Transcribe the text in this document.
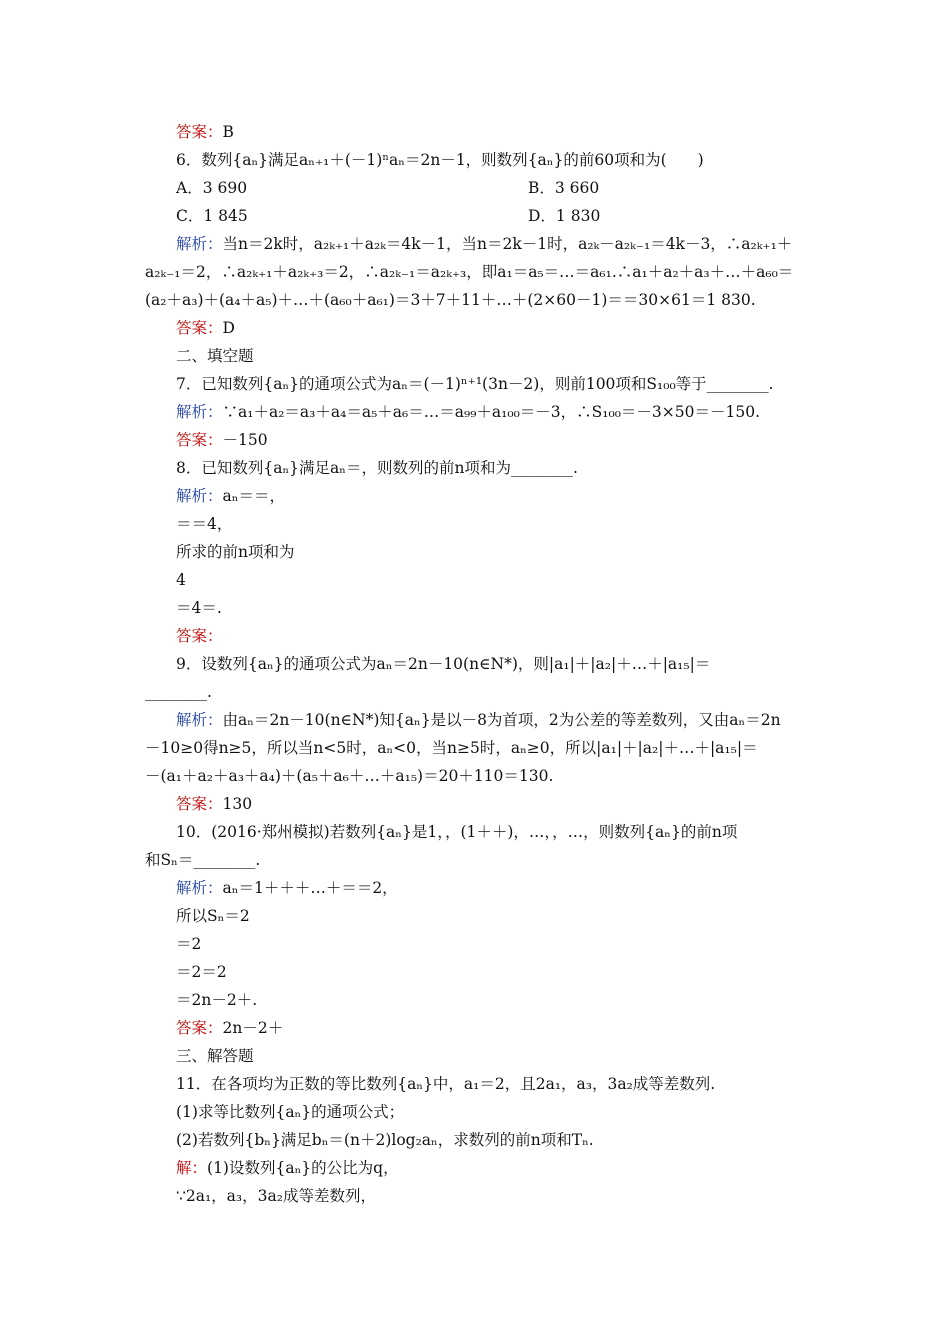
答案：B
6．数列{aₙ}满足aₙ₊₁＋(－1)ⁿaₙ＝2n－1，则数列{aₙ}的前60项和为(　　)
A．3 690	B．3 660
C．1 845	D．1 830
解析：当n＝2k时，a₂ₖ₊₁＋a₂ₖ＝4k－1，当n＝2k－1时，a₂ₖ－a₂ₖ₋₁＝4k－3，∴a₂ₖ₊₁＋
a₂ₖ₋₁＝2，∴a₂ₖ₊₁＋a₂ₖ₊₃＝2，∴a₂ₖ₋₁＝a₂ₖ₊₃，即a₁＝a₅＝…＝a₆₁.∴a₁＋a₂＋a₃＋…＋a₆₀＝
(a₂＋a₃)＋(a₄＋a₅)＋…＋(a₆₀＋a₆₁)＝3＋7＋11＋…＋(2×60－1)＝＝30×61＝1 830.
答案：D
二、填空题
7．已知数列{aₙ}的通项公式为aₙ＝(－1)ⁿ⁺¹(3n－2)，则前100项和S₁₀₀等于________.
解析：∵a₁＋a₂＝a₃＋a₄＝a₅＋a₆＝…＝a₉₉＋a₁₀₀＝－3，∴S₁₀₀＝－3×50＝－150.
答案：－150
8．已知数列{aₙ}满足aₙ＝，则数列的前n项和为________.
解析：aₙ＝＝，
＝＝4，
所求的前n项和为
4
＝4＝.
答案：
9．设数列{aₙ}的通项公式为aₙ＝2n－10(n∈N*)，则|a₁|＋|a₂|＋…＋|a₁₅|＝
________.
解析：由aₙ＝2n－10(n∈N*)知{aₙ}是以－8为首项，2为公差的等差数列，又由aₙ＝2n
－10≥0得n≥5，所以当n<5时，aₙ<0，当n≥5时，aₙ≥0，所以|a₁|＋|a₂|＋…＋|a₁₅|＝
－(a₁＋a₂＋a₃＋a₄)＋(a₅＋a₆＋…＋a₁₅)＝20＋110＝130.
答案：130
10．(2016·郑州模拟)若数列{aₙ}是1，，(1＋＋)，…，，…，则数列{aₙ}的前n项
和Sₙ＝________.
解析：aₙ＝1＋＋＋…＋＝＝2，
所以Sₙ＝2
＝2
＝2＝2
＝2n－2＋.
答案：2n－2＋
三、解答题
11．在各项均为正数的等比数列{aₙ}中，a₁＝2，且2a₁，a₃，3a₂成等差数列.
(1)求等比数列{aₙ}的通项公式；
(2)若数列{bₙ}满足bₙ＝(n＋2)log₂aₙ，求数列的前n项和Tₙ.
解：(1)设数列{aₙ}的公比为q，
∵2a₁，a₃，3a₂成等差数列，
